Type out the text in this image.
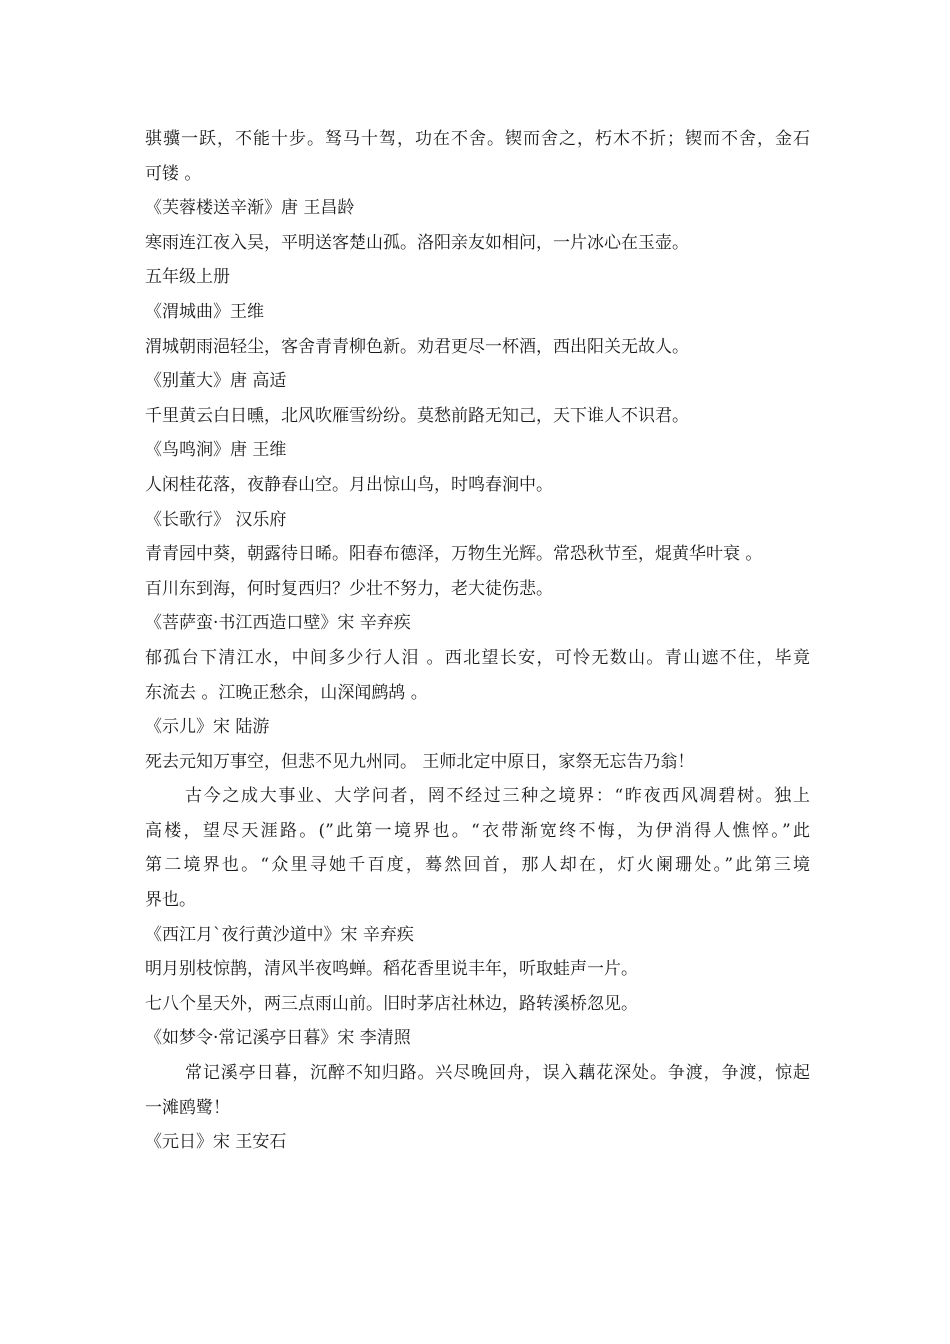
骐骥一跃，不能十步。驽马十驾，功在不舍。锲而舍之，朽木不折；锲而不舍，金石
可镂 。
《芙蓉楼送辛渐》唐 王昌龄
寒雨连江夜入吴，平明送客楚山孤。洛阳亲友如相问，一片冰心在玉壶。
五年级上册
《渭城曲》王维
渭城朝雨浥轻尘，客舍青青柳色新。劝君更尽一杯酒，西出阳关无故人。
《别董大》唐 高适
千里黄云白日曛，北风吹雁雪纷纷。莫愁前路无知己，天下谁人不识君。
《鸟鸣涧》唐 王维
人闲桂花落，夜静春山空。月出惊山鸟，时鸣春涧中。
《长歌行》 汉乐府
青青园中葵，朝露待日晞。阳春布德泽，万物生光辉。常恐秋节至，焜黄华叶衰 。
百川东到海，何时复西归？少壮不努力，老大徒伤悲。
《菩萨蛮·书江西造口壁》宋 辛弃疾
郁孤台下清江水，中间多少行人泪 。西北望长安，可怜无数山。青山遮不住，毕竟
东流去 。江晚正愁余，山深闻鹧鸪 。
《示儿》宋 陆游
死去元知万事空，但悲不见九州同。 王师北定中原日，家祭无忘告乃翁！
古今之成大事业、大学问者，罔不经过三种之境界：“昨夜西风凋碧树。独上
高楼，望尽天涯路。(”此第一境界也。“衣带渐宽终不悔，为伊消得人憔悴。”此
第二境界也。“众里寻她千百度，蓦然回首，那人却在，灯火阑珊处。”此第三境
界也。
《西江月`夜行黄沙道中》宋 辛弃疾
明月别枝惊鹊，清风半夜鸣蝉。稻花香里说丰年，听取蛙声一片。
七八个星天外，两三点雨山前。旧时茅店社林边，路转溪桥忽见。
《如梦令·常记溪亭日暮》宋 李清照
常记溪亭日暮，沉醉不知归路。兴尽晚回舟，误入藕花深处。争渡，争渡，惊起
一滩鸥鹭！
《元日》宋 王安石
